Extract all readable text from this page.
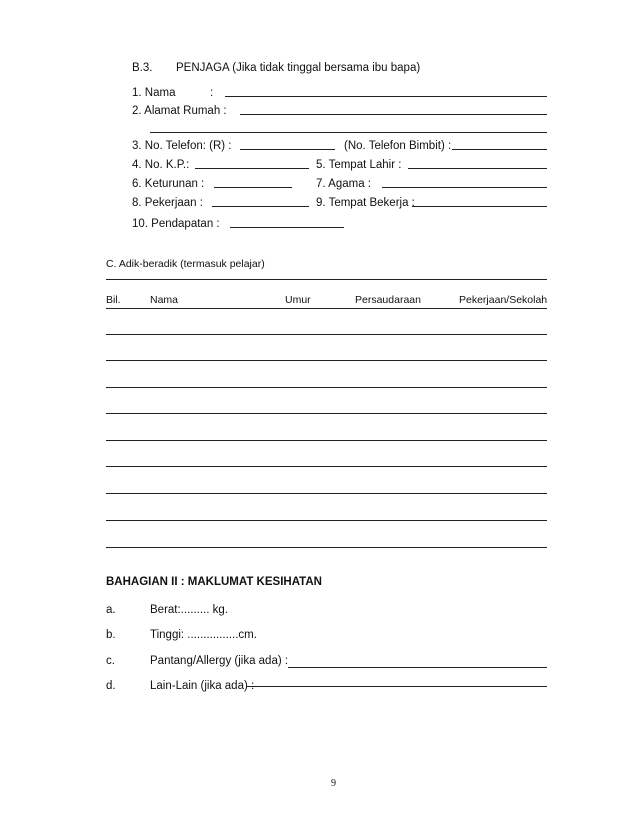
B.3. PENJAGA (Jika tidak tinggal bersama ibu bapa)
1. Nama	:
2. Alamat Rumah :
3. No. Telefon: (R) :	(No. Telefon Bimbit) :
4. No. K.P.:	5. Tempat Lahir :
6. Keturunan :	7. Agama :
8. Pekerjaan :	9. Tempat Bekerja :
10. Pendapatan :
C. Adik-beradik (termasuk pelajar)
Bil.	Nama	Umur	Persaudaraan	Pekerjaan/Sekolah
BAHAGIAN II : MAKLUMAT KESIHATAN
a.	Berat:......... kg.
b.	Tinggi: ................cm.
c.	Pantang/Allergy (jika ada) :
d.	Lain-Lain (jika ada) :
9
